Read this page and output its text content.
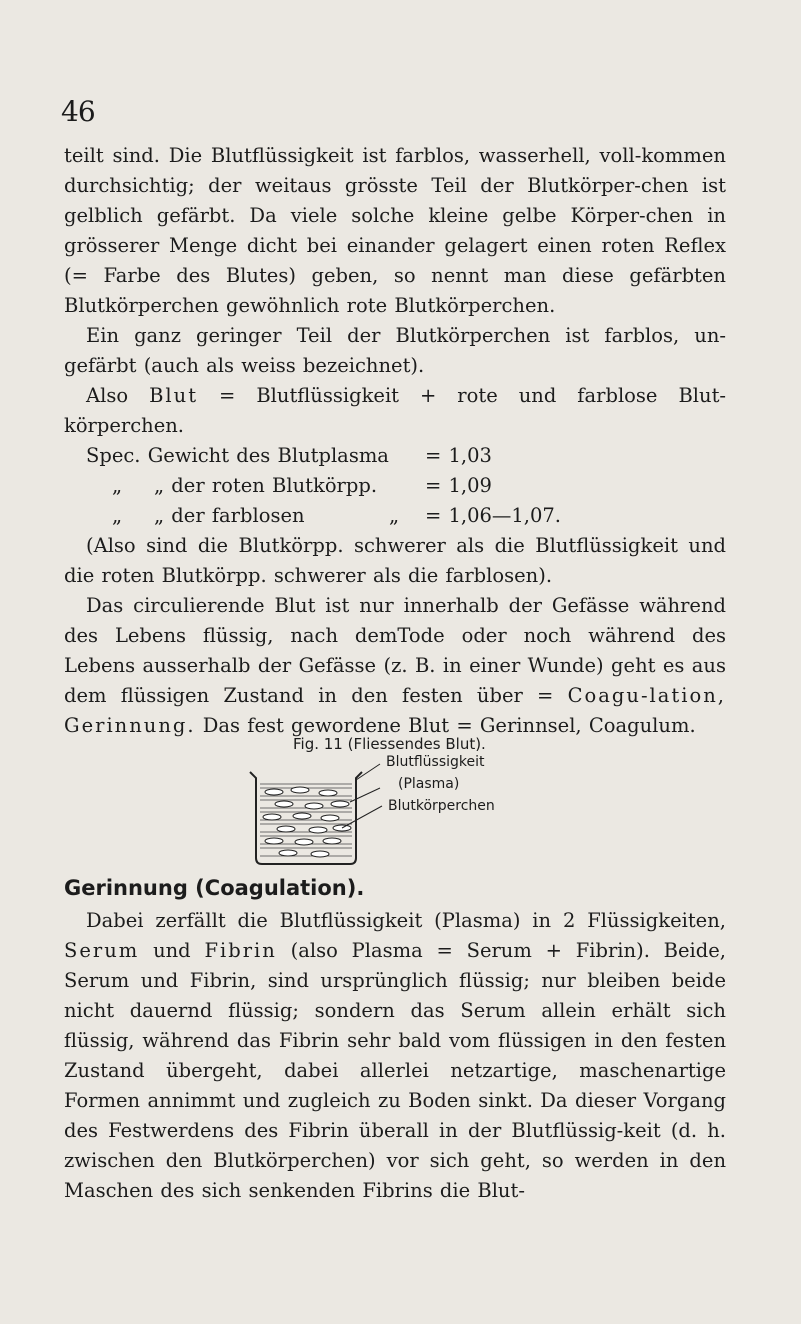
46

teilt sind. Die Blutflüssigkeit ist farblos, wasserhell, voll-kommen durchsichtig; der weitaus grösste Teil der Blutkörper-chen ist gelblich gefärbt. Da viele solche kleine gelbe Körper-chen in grösserer Menge dicht bei einander gelagert einen roten Reflex (= Farbe des Blutes) geben, so nennt man diese gefärbten Blutkörperchen gewöhnlich rote Blutkörperchen.

Ein ganz geringer Teil der Blutkörperchen ist farblos, un-gefärbt (auch als weiss bezeichnet).

Also Blut = Blutflüssigkeit + rote und farblose Blut-körperchen.

Spec. Gewicht des Blutplasma		= 1,03
„ „ der roten Blutkörpp.		= 1,09
„ „ der farblosen	„	= 1,06—1,07.

(Also sind die Blutkörpp. schwerer als die Blutflüssigkeit und die roten Blutkörpp. schwerer als die farblosen).

Das circulierende Blut ist nur innerhalb der Gefässe während des Lebens flüssig, nach demTode oder noch während des Lebens ausserhalb der Gefässe (z. B. in einer Wunde) geht es aus dem flüssigen Zustand in den festen über = Coagu-lation, Gerinnung. Das fest gewordene Blut = Gerinnsel, Coagulum.

Fig. 11 (Fliessendes Blut).
Blutflüssigkeit
(Plasma)
Blutkörperchen
Gerinnung (Coagulation).

Dabei zerfällt die Blutflüssigkeit (Plasma) in 2 Flüssigkeiten, Serum und Fibrin (also Plasma = Serum + Fibrin). Beide, Serum und Fibrin, sind ursprünglich flüssig; nur bleiben beide nicht dauernd flüssig; sondern das Serum allein erhält sich flüssig, während das Fibrin sehr bald vom flüssigen in den festen Zustand übergeht, dabei allerlei netzartige, maschenartige Formen annimmt und zugleich zu Boden sinkt. Da dieser Vorgang des Festwerdens des Fibrin überall in der Blutflüssig-keit (d. h. zwischen den Blutkörperchen) vor sich geht, so werden in den Maschen des sich senkenden Fibrins die Blut-
